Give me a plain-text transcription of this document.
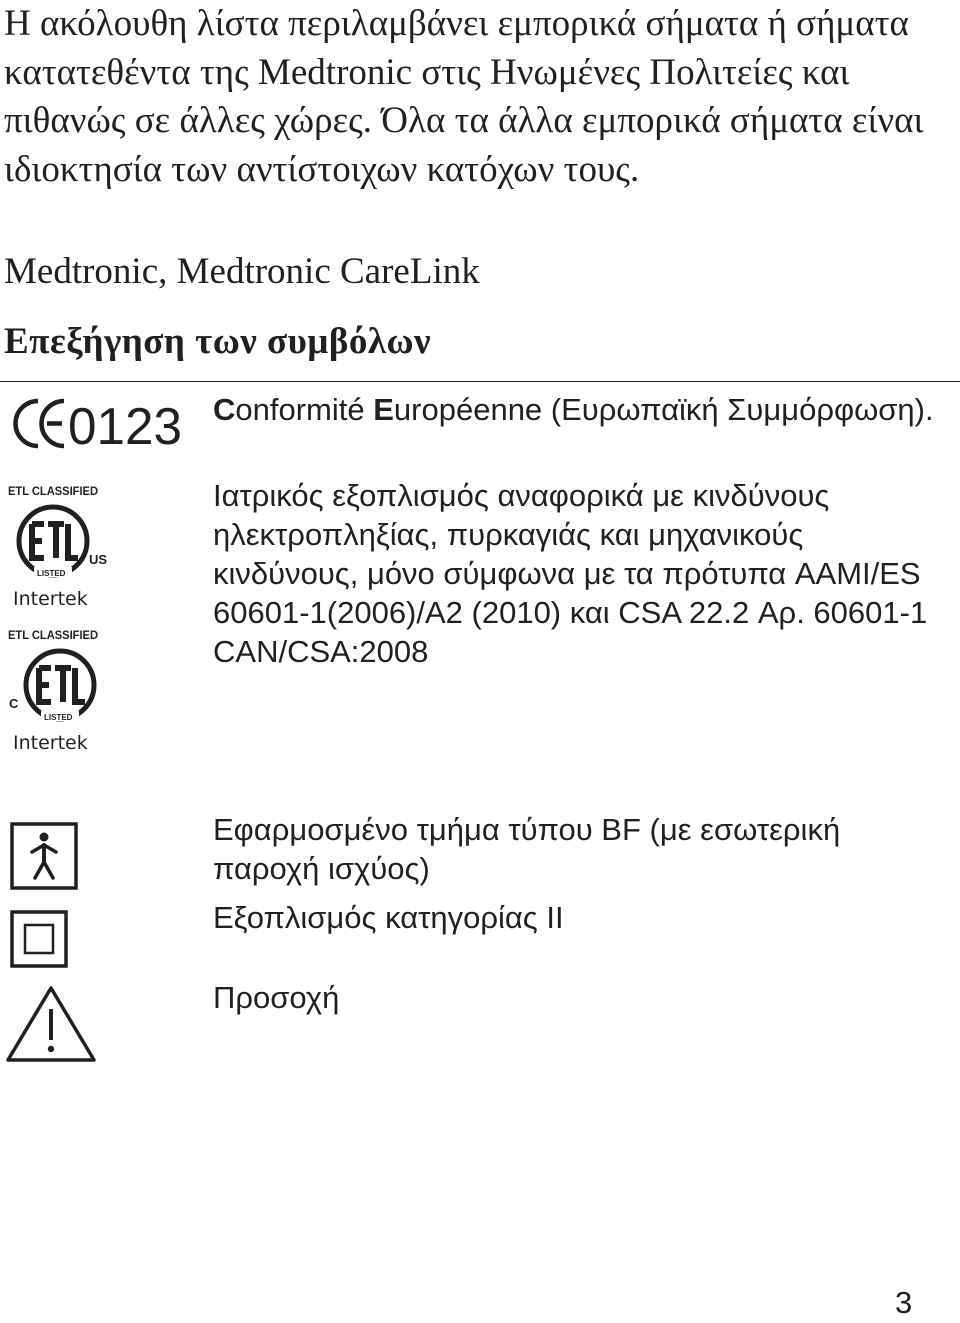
Η ακόλουθη λίστα περιλαμβάνει εμπορικά σήματα ή σήματα κατατεθέντα της Medtronic στις Ηνωμένες Πολιτείες και πιθανώς σε άλλες χώρες. Όλα τα άλλα εμπορικά σήματα είναι ιδιοκτησία των αντίστοιχων κατόχων τους.

Medtronic, Medtronic CareLink

Επεξήγηση των συμβόλων
0123 Conformité Européenne (Ευρωπαϊκή Συμμόρφωση).

ETL CLASSIFIED
LISTED
US
Intertek
ETL CLASSIFIED
LISTED
C
Intertek

Ιατρικός εξοπλισμός αναφορικά με κινδύνους ηλεκτροπληξίας, πυρκαγιάς και μηχανικούς κινδύνους, μόνο σύμφωνα με τα πρότυπα AAMI/ES 60601-1(2006)/A2 (2010) και CSA 22.2 Αρ. 60601-1 CAN/CSA:2008

Εφαρμοσμένο τμήμα τύπου BF (με εσωτερική παροχή ισχύος)

Εξοπλισμός κατηγορίας II

Προσοχή

3
